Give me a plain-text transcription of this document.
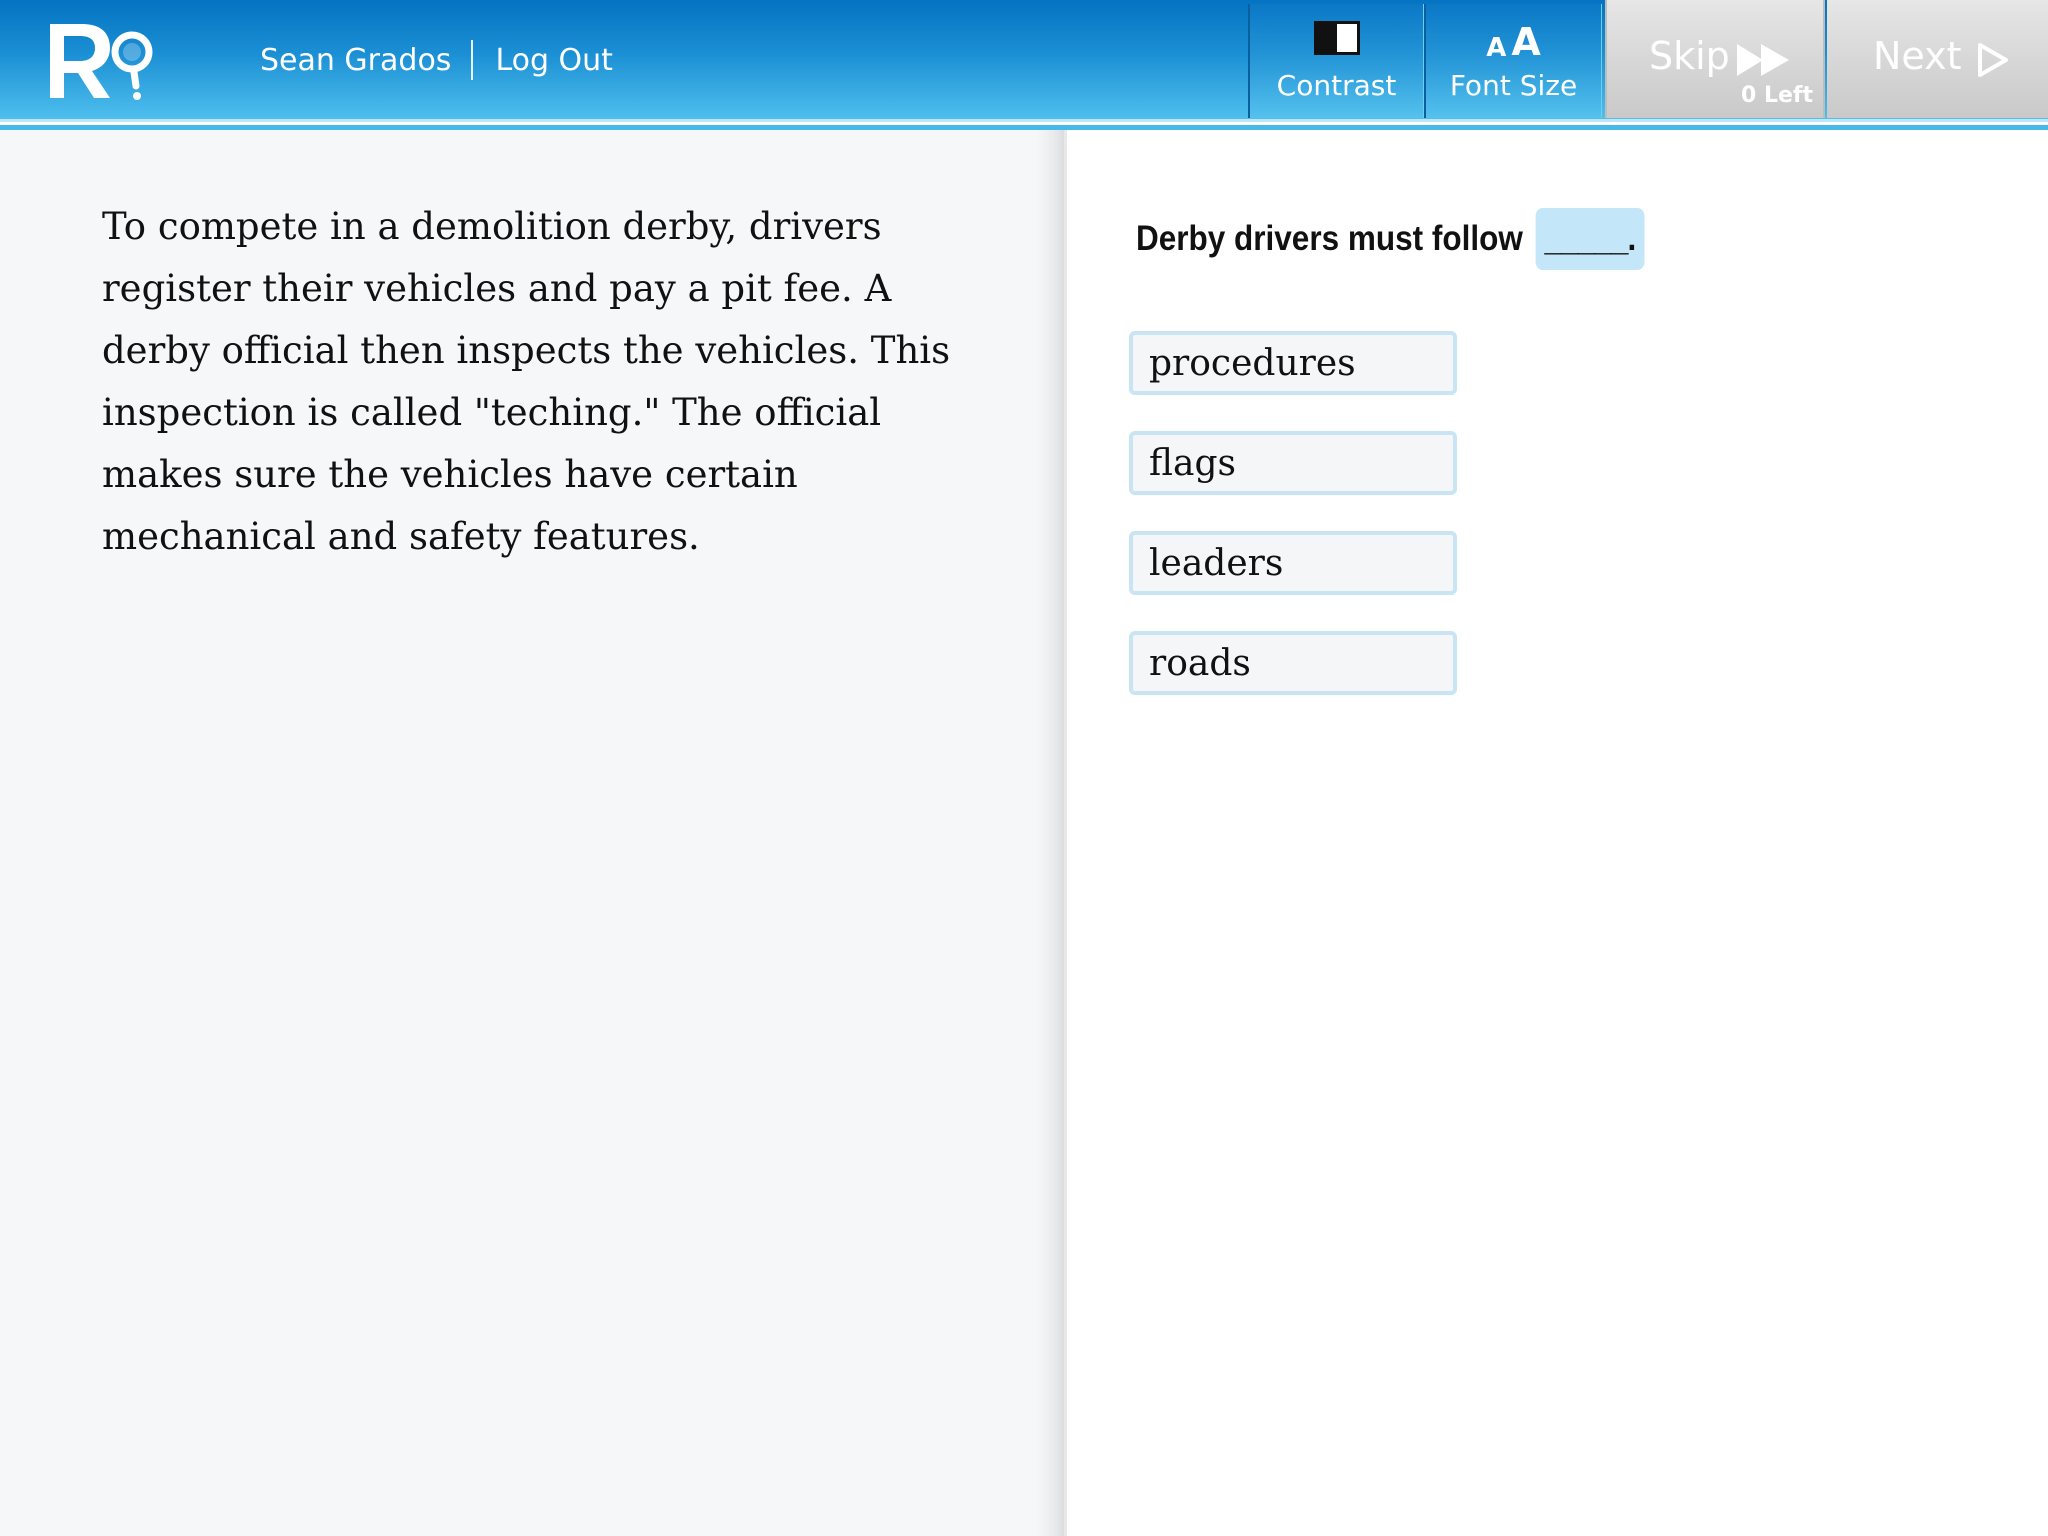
Sean Grados	Log Out
Contrast
A A
Font Size
Skip
0 Left
Next

To compete in a demolition derby, drivers register their vehicles and pay a pit fee. A derby official then inspects the vehicles. This inspection is called "teching." The official makes sure the vehicles have certain mechanical and safety features.

Derby drivers must follow _____.
procedures
flags
leaders
roads
